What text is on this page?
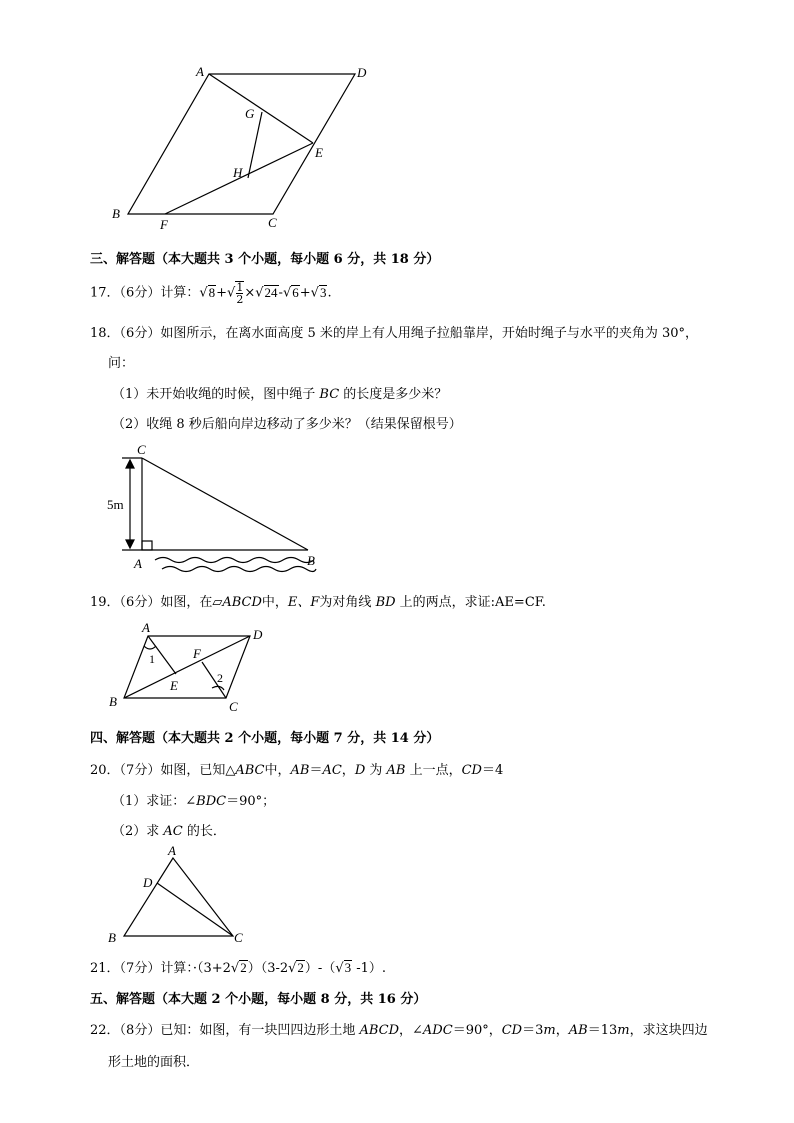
A	D
G
E
H
B
F	C
三、解答题（本大题共 3 个小题，每小题 6 分，共 18 分）
17．（6分）计算：$√8+√ \frac{1}{2} \times√24-√6+√3$.
18．（6分）如图所示，在离水面高度 5 米的岸上有人用绳子拉船靠岸，开始时绳子与水平的夹角为 30°，
问：
（1）未开始收绳的时候，图中绳子 BC 的长度是多少米？
（2）收绳 8 秒后船向岸边移动了多少米？（结果保留根号）
C
5m
A	B
19．（6分）如图，在▱ABCD中，E、F为对角线 BD 上的两点，求证:AE=CF.
A	D
1	F
E	2
B	C
四、解答题（本大题共 2 个小题，每小题 7 分，共 14 分）
20．（7分）如图，已知△ABC中，AB＝AC，D 为 AB 上一点，CD＝4
（1）求证：∠BDC＝90°；
（2）求 AC 的长．
A
D
B	C
21．（7分）计算：·（3+2√2）（3-2√2）-（√3 -1）.
五、解答题（本大题 2 个小题，每小题 8 分，共 16 分）
22．（8分）已知：如图，有一块凹四边形土地 ABCD，∠ADC＝90°，CD＝3m，AB＝13m，求这块四边
形土地的面积．
